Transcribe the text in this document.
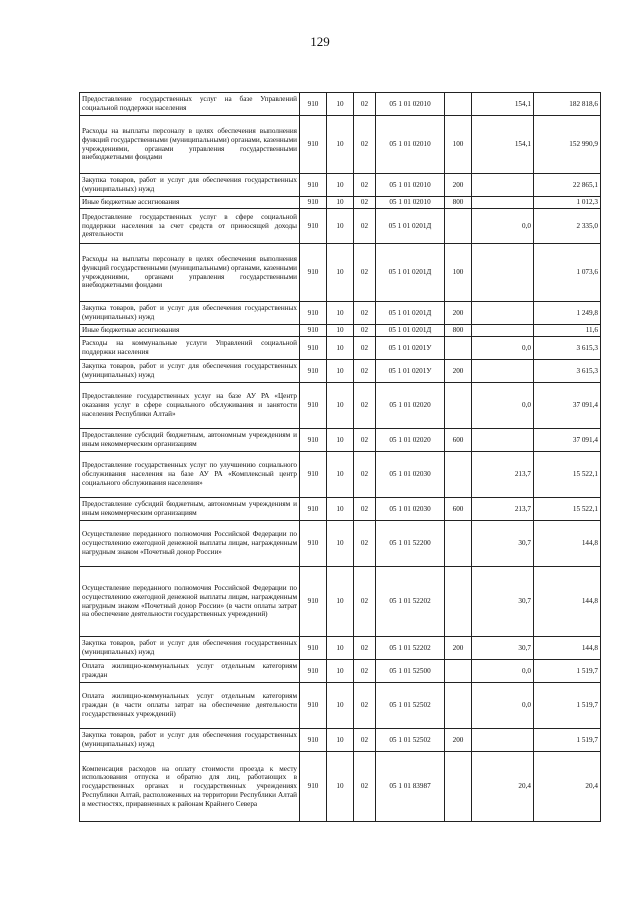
129
Предоставление государственных услуг на базе Управлений социальной поддержки населения	910	10	02	05 1 01 02010		154,1	182 818,6
Расходы на выплаты персоналу в целях обеспечения выполнения функций государственными (муниципальными) органами, казенными учреждениями, органами управления государственными внебюджетными фондами	910	10	02	05 1 01 02010	100	154,1	152 990,9
Закупка товаров, работ и услуг для обеспечения государственных (муниципальных) нужд	910	10	02	05 1 01 02010	200		22 865,1
Иные бюджетные ассигнования	910	10	02	05 1 01 02010	800		1 012,3
Предоставление государственных услуг в сфере социальной поддержки населения за счет средств от приносящей доходы деятельности	910	10	02	05 1 01 0201Д		0,0	2 335,0
Расходы на выплаты персоналу в целях обеспечения выполнения функций государственными (муниципальными) органами, казенными учреждениями, органами управления государственными внебюджетными фондами	910	10	02	05 1 01 0201Д	100		1 073,6
Закупка товаров, работ и услуг для обеспечения государственных (муниципальных) нужд	910	10	02	05 1 01 0201Д	200		1 249,8
Иные бюджетные ассигнования	910	10	02	05 1 01 0201Д	800		11,6
Расходы на коммунальные услуги Управлений социальной поддержки населения	910	10	02	05 1 01 0201У		0,0	3 615,3
Закупка товаров, работ и услуг для обеспечения государственных (муниципальных) нужд	910	10	02	05 1 01 0201У	200		3 615,3
Предоставление государственных услуг на базе АУ РА «Центр оказания услуг в сфере социального обслуживания и занятости населения Республики Алтай»	910	10	02	05 1 01 02020		0,0	37 091,4
Предоставление субсидий бюджетным, автономным учреждениям и иным некоммерческим организациям	910	10	02	05 1 01 02020	600		37 091,4
Предоставление государственных услуг по улучшению социального обслуживания населения на базе АУ РА «Комплексный центр социального обслуживания населения»	910	10	02	05 1 01 02030		213,7	15 522,1
Предоставление субсидий бюджетным, автономным учреждениям и иным некоммерческим организациям	910	10	02	05 1 01 02030	600	213,7	15 522,1
Осуществление переданного полномочия Российской Федерации по осуществлению ежегодной денежной выплаты лицам, награжденным нагрудным знаком «Почетный донор России»	910	10	02	05 1 01 52200		30,7	144,8
Осуществление переданного полномочия Российской Федерации по осуществлению ежегодной денежной выплаты лицам, награжденным нагрудным знаком «Почетный донор России» (в части оплаты затрат на обеспечение деятельности государственных учреждений)	910	10	02	05 1 01 52202		30,7	144,8
Закупка товаров, работ и услуг для обеспечения государственных (муниципальных) нужд	910	10	02	05 1 01 52202	200	30,7	144,8
Оплата жилищно-коммунальных услуг отдельным категориям граждан	910	10	02	05 1 01 52500		0,0	1 519,7
Оплата жилищно-коммунальных услуг отдельным категориям граждан (в части оплаты затрат на обеспечение деятельности государственных учреждений)	910	10	02	05 1 01 52502		0,0	1 519,7
Закупка товаров, работ и услуг для обеспечения государственных (муниципальных) нужд	910	10	02	05 1 01 52502	200		1 519,7
Компенсация расходов на оплату стоимости проезда к месту использования отпуска и обратно для лиц, работающих в государственных органах и государственных учреждениях Республики Алтай, расположенных на территории Республики Алтай в местностях, приравненных к районам Крайнего Севера	910	10	02	05 1 01 83987		20,4	20,4
